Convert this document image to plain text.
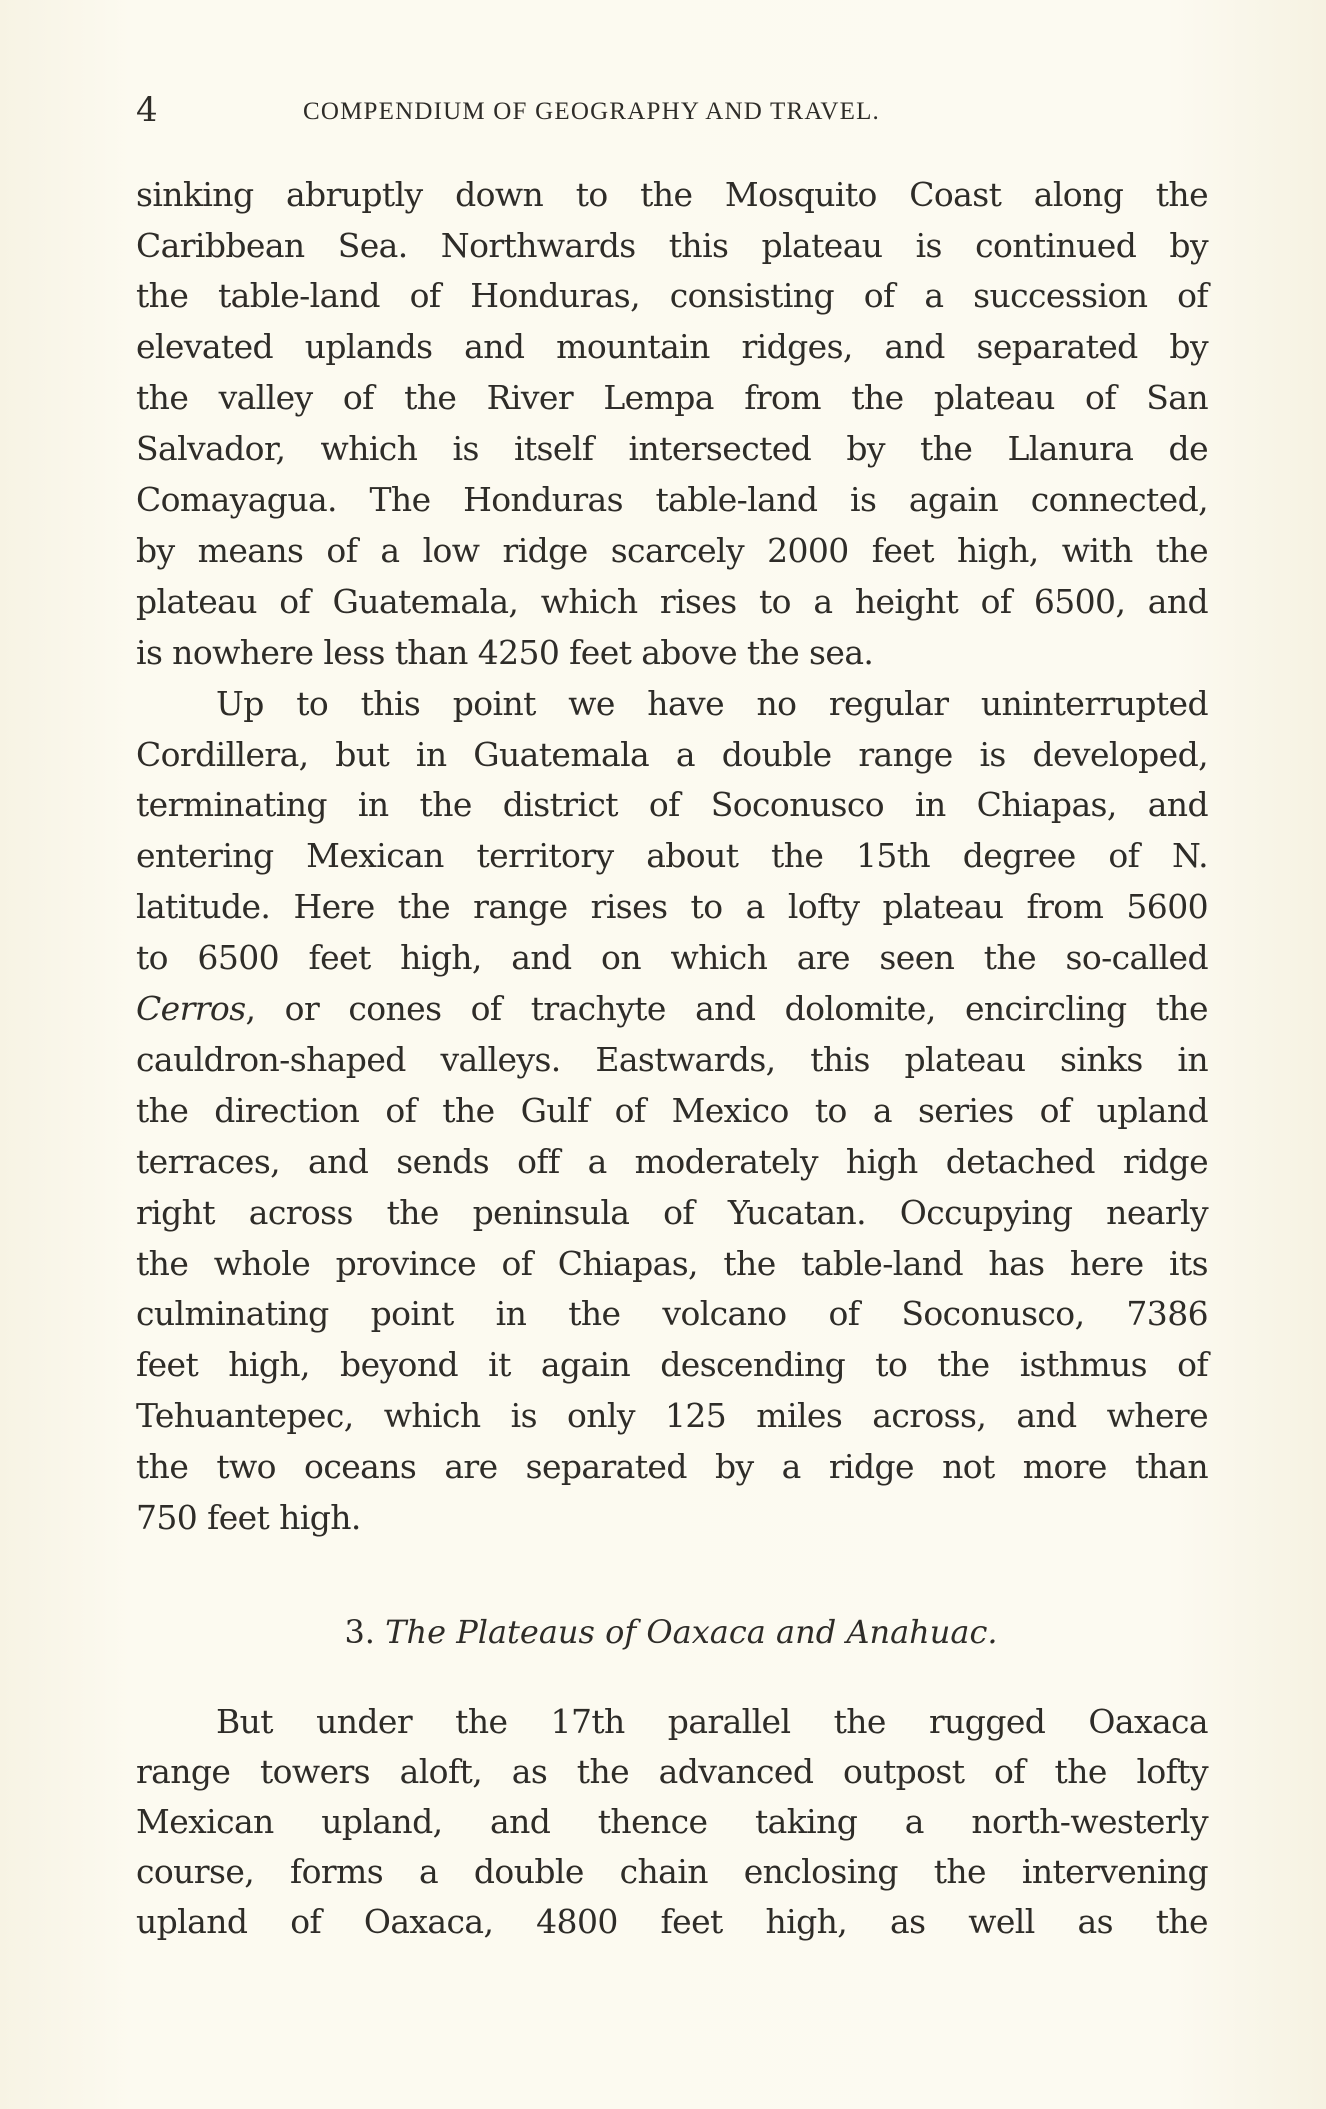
4	COMPENDIUM OF GEOGRAPHY AND TRAVEL.
sinking abruptly down to the Mosquito Coast along the
Caribbean Sea. Northwards this plateau is continued by
the table-land of Honduras, consisting of a succession of
elevated uplands and mountain ridges, and separated by
the valley of the River Lempa from the plateau of San
Salvador, which is itself intersected by the Llanura de
Comayagua. The Honduras table-land is again connected,
by means of a low ridge scarcely 2000 feet high, with the
plateau of Guatemala, which rises to a height of 6500, and
is nowhere less than 4250 feet above the sea.
Up to this point we have no regular uninterrupted
Cordillera, but in Guatemala a double range is developed,
terminating in the district of Soconusco in Chiapas, and
entering Mexican territory about the 15th degree of N.
latitude. Here the range rises to a lofty plateau from 5600
to 6500 feet high, and on which are seen the so-called
Cerros, or cones of trachyte and dolomite, encircling the
cauldron-shaped valleys. Eastwards, this plateau sinks in
the direction of the Gulf of Mexico to a series of upland
terraces, and sends off a moderately high detached ridge
right across the peninsula of Yucatan. Occupying nearly
the whole province of Chiapas, the table-land has here its
culminating point in the volcano of Soconusco, 7386
feet high, beyond it again descending to the isthmus of
Tehuantepec, which is only 125 miles across, and where
the two oceans are separated by a ridge not more than
750 feet high.
3. The Plateaus of Oaxaca and Anahuac.
But under the 17th parallel the rugged Oaxaca
range towers aloft, as the advanced outpost of the lofty
Mexican upland, and thence taking a north-westerly
course, forms a double chain enclosing the intervening
upland of Oaxaca, 4800 feet high, as well as the
